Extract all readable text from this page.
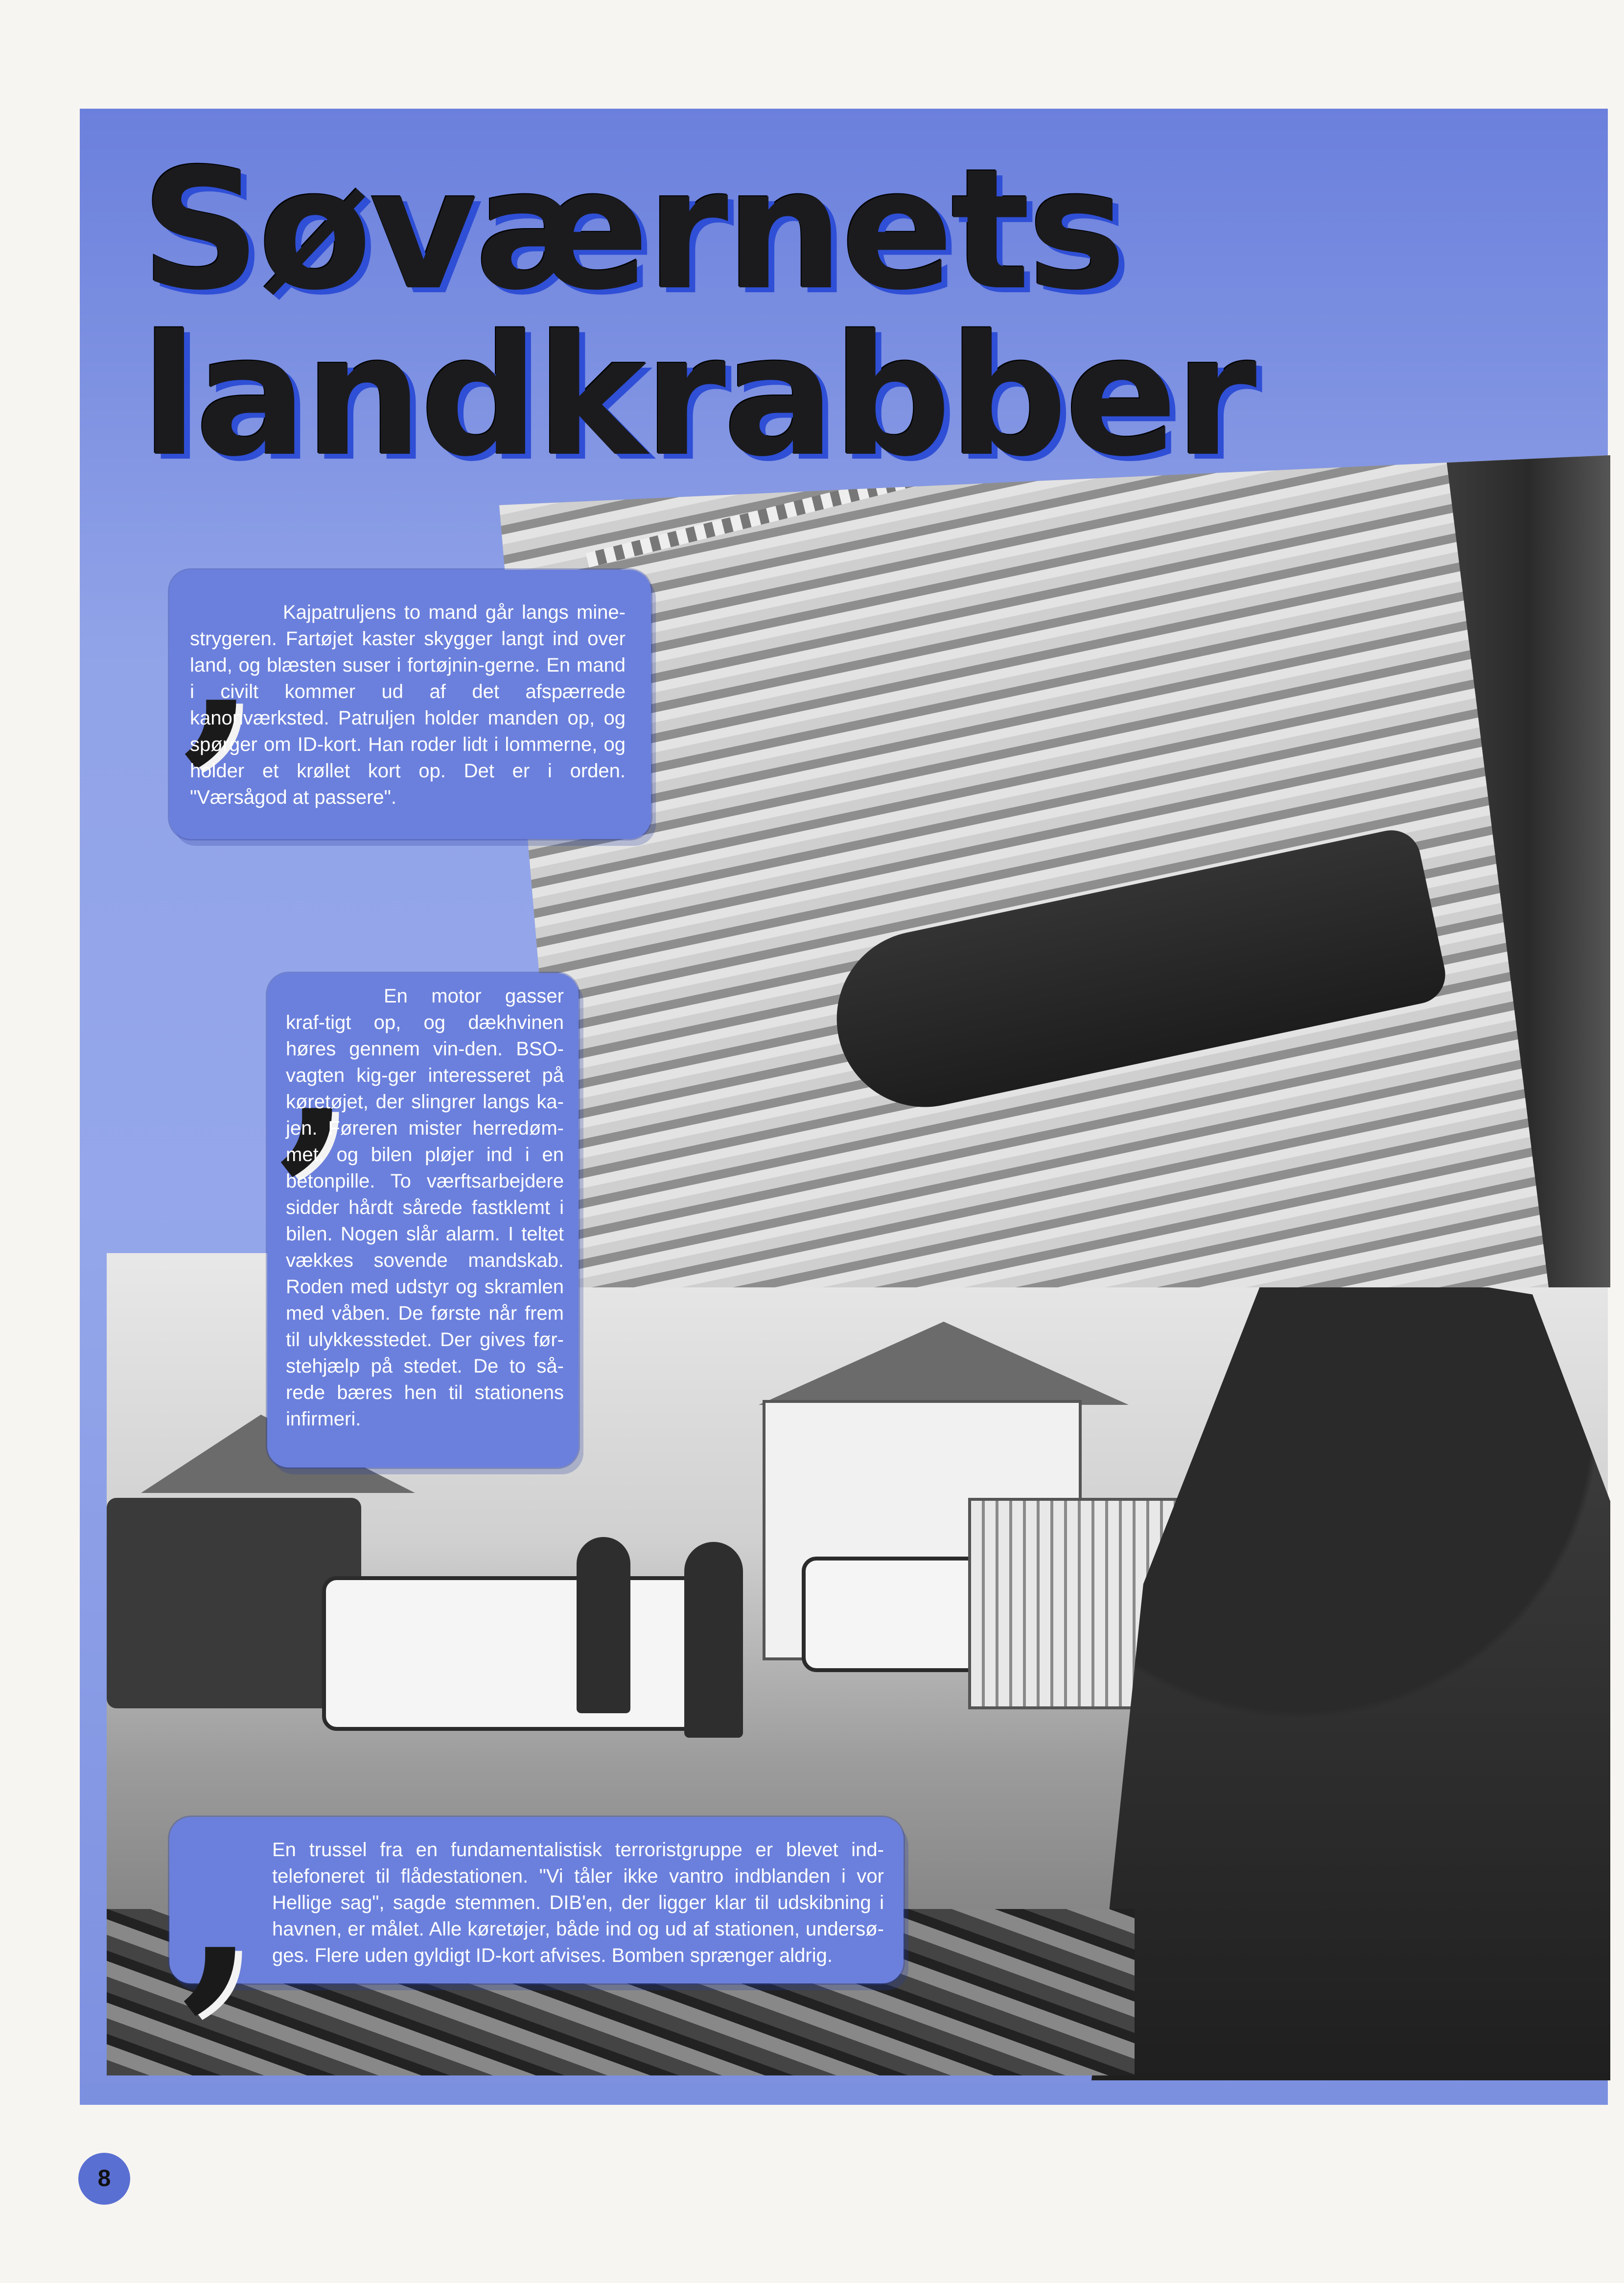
Søværnets
landkrabber
,	Kajpatruljens to mand går langs mine-strygeren. Fartøjet kaster skygger langt ind over land, og blæsten suser i fortøjnin-gerne. En mand i civilt kommer ud af det afspærrede kanonværksted. Patruljen holder manden op, og spørger om ID-kort. Han roder lidt i lommerne, og holder et krøllet kort op. Det er i orden. "Værsågod at passere".

,	En motor gasser kraf-tigt op, og dækhvinen høres gennem vin-den. BSO-vagten kig-ger interesseret på køretøjet, der slingrer langs ka-jen. Føreren mister herredøm-met, og bilen pløjer ind i en betonpille. To værftsarbejdere sidder hårdt sårede fastklemt i bilen. Nogen slår alarm. I teltet vækkes sovende mandskab. Roden med udstyr og skramlen med våben. De første når frem til ulykkesstedet. Der gives før-stehjælp på stedet. De to så-rede bæres hen til stationens infirmeri.

, En trussel fra en fundamentalistisk terroristgruppe er blevet ind-telefoneret til flådestationen. "Vi tåler ikke vantro indblanden i vor Hellige sag", sagde stemmen. DIB'en, der ligger klar til udskibning i havnen, er målet. Alle køretøjer, både ind og ud af stationen, undersø-ges. Flere uden gyldigt ID-kort afvises. Bomben sprænger aldrig.

8
